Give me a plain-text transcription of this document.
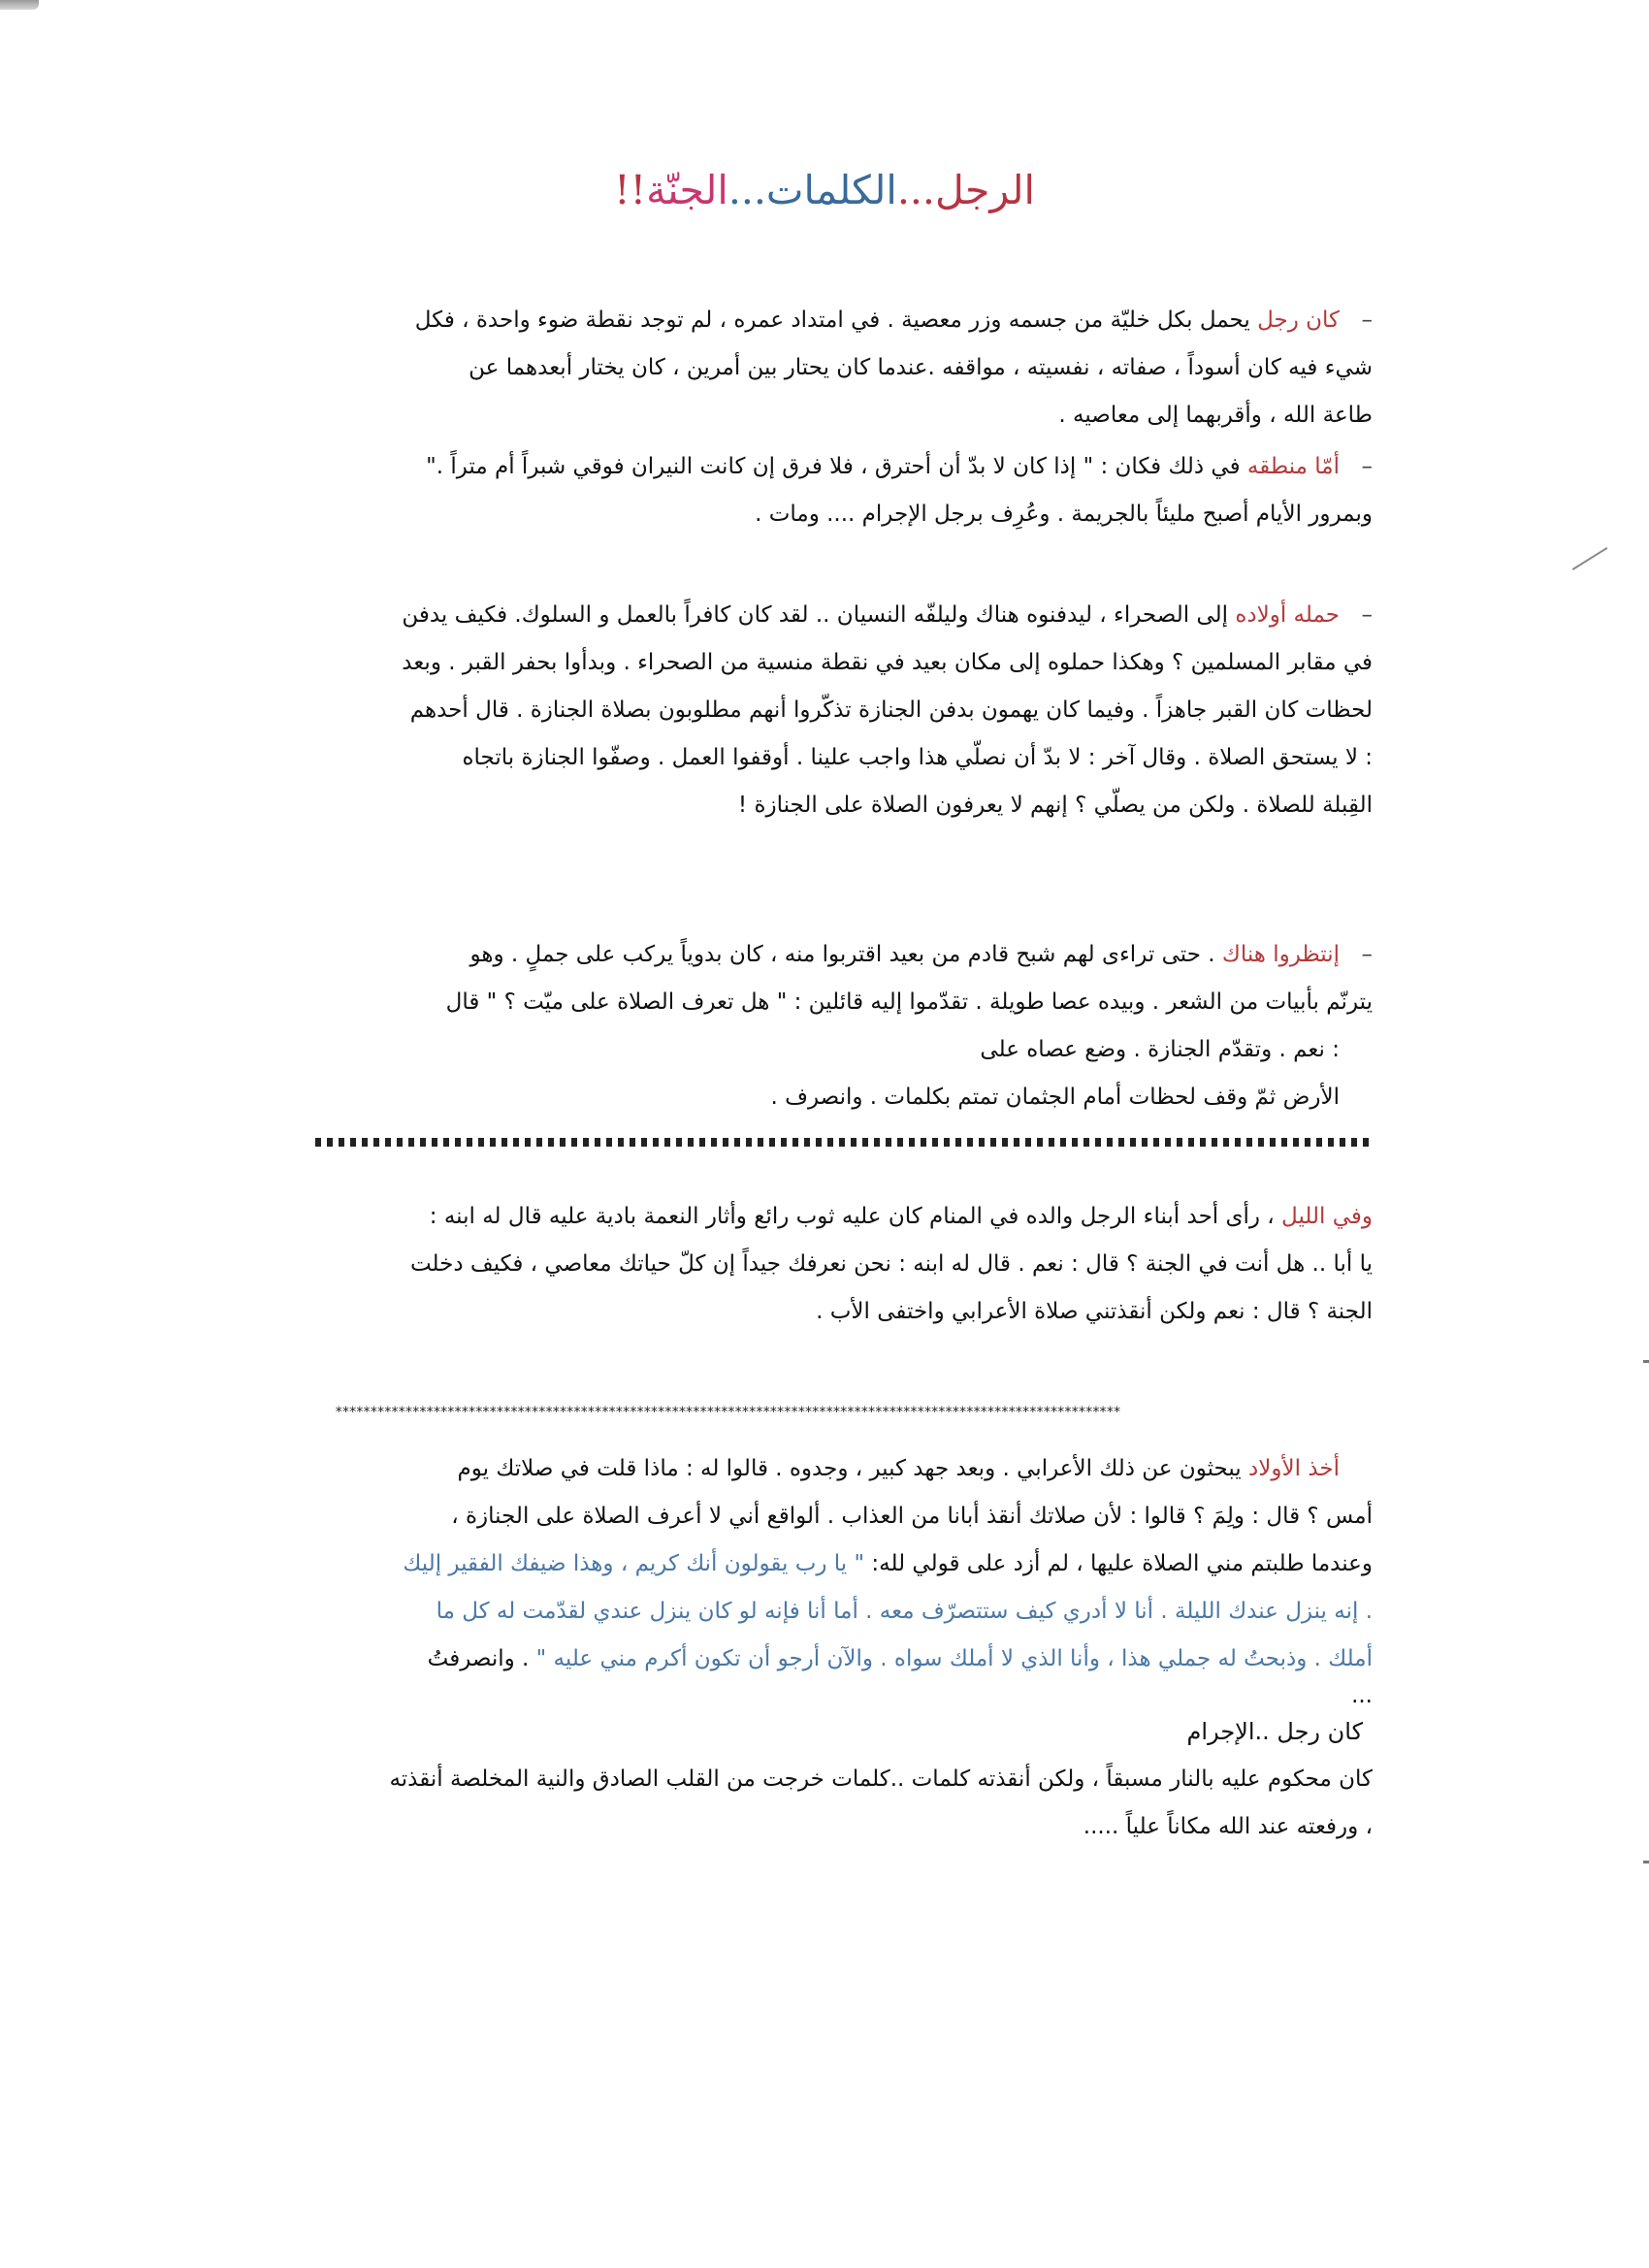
الرجل...الكلمات...الجنّة!!

–كان رجل يحمل بكل خليّة من جسمه وزر معصية . في امتداد عمره ، لم توجد نقطة ضوء واحدة ، فكل

شيء فيه كان أسوداً ، صفاته ، نفسيته ، مواقفه .عندما كان يحتار بين أمرين ، كان يختار أبعدهما عن

طاعة الله ، وأقربهما إلى معاصيه .

–أمّا منطقه في ذلك فكان : " إذا كان لا بدّ أن أحترق ، فلا فرق إن كانت النيران فوقي شبراً أم متراً ."

وبمرور الأيام أصبح مليئاً بالجريمة . وعُرِف برجل الإجرام .... ومات .

–حمله أولاده إلى الصحراء ، ليدفنوه هناك وليلفّه النسيان .. لقد كان كافراً بالعمل و السلوك. فكيف يدفن

في مقابر المسلمين ؟ وهكذا حملوه إلى مكان بعيد في نقطة منسية من الصحراء . وبدأوا بحفر القبر . وبعد

لحظات كان القبر جاهزاً . وفيما كان يهمون بدفن الجنازة تذكّروا أنهم مطلوبون بصلاة الجنازة . قال أحدهم

: لا يستحق الصلاة . وقال آخر : لا بدّ أن نصلّي هذا واجب علينا . أوقفوا العمل . وصفّوا الجنازة باتجاه

القِبلة للصلاة . ولكن من يصلّي ؟ إنهم لا يعرفون الصلاة على الجنازة !

–إنتظروا هناك . حتى تراءى لهم شبح قادم من بعيد اقتربوا منه ، كان بدوياً يركب على جملٍ . وهو

يترنّم بأبيات من الشعر . وبيده عصا طويلة . تقدّموا إليه قائلين : " هل تعرف الصلاة على ميّت ؟ " قال

: نعم . وتقدّم الجنازة . وضع عصاه على

الأرض ثمّ وقف لحظات أمام الجثمان تمتم بكلمات . وانصرف .

وفي الليل ، رأى أحد أبناء الرجل والده في المنام كان عليه ثوب رائع وأثار النعمة بادية عليه قال له ابنه :

يا أبا .. هل أنت في الجنة ؟ قال : نعم . قال له ابنه : نحن نعرفك جيداً إن كلّ حياتك معاصي ، فكيف دخلت

الجنة ؟ قال : نعم ولكن أنقذتني صلاة الأعرابي واختفى الأب .

****************************************************************************************************************

أخذ الأولاد يبحثون عن ذلك الأعرابي . وبعد جهد كبير ، وجدوه . قالوا له : ماذا قلت في صلاتك يوم

أمس ؟ قال : ولِمَ ؟ قالوا : لأن صلاتك أنقذ أبانا من العذاب . ألواقع أني لا أعرف الصلاة على الجنازة ،

وعندما طلبتم مني الصلاة عليها ، لم أزد على قولي لله: " يا رب يقولون أنك كريم ، وهذا ضيفك الفقير إليك

. إنه ينزل عندك الليلة . أنا لا أدري كيف ستتصرّف معه . أما أنا فإنه لو كان ينزل عندي لقدّمت له كل ما

أملك . وذبحتُ له جملي هذا ، وأنا الذي لا أملك سواه . والآن أرجو أن تكون أكرم مني عليه " . وانصرفتُ

...

كان رجل ..الإجرام

كان محكوم عليه بالنار مسبقاً ، ولكن أنقذته كلمات ..كلمات خرجت من القلب الصادق والنية المخلصة أنقذته

، ورفعته عند الله مكاناً علياً .....
